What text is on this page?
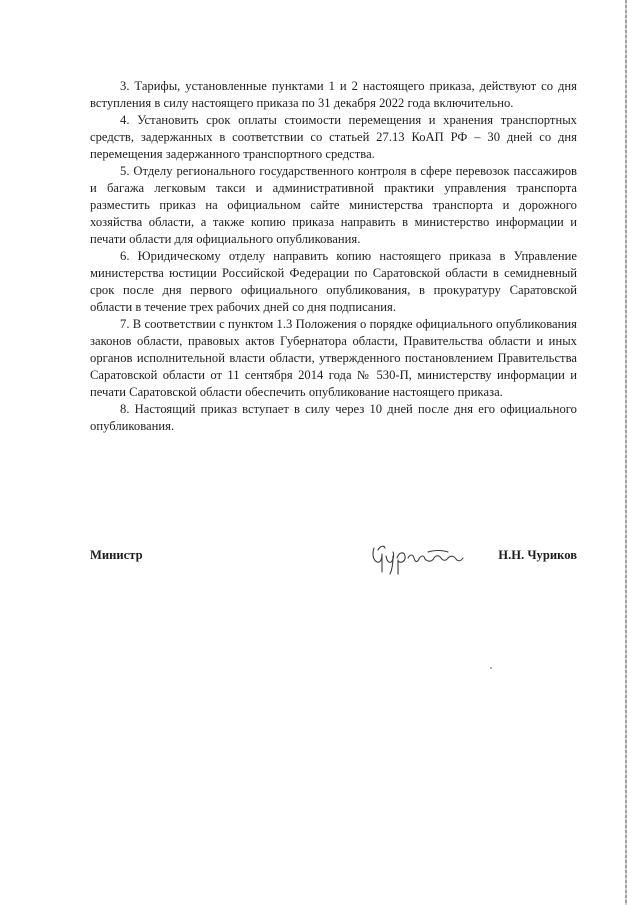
3. Тарифы, установленные пунктами 1 и 2 настоящего приказа, действуют со дня вступления в силу настоящего приказа по 31 декабря 2022 года включительно.

4. Установить срок оплаты стоимости перемещения и хранения транспортных средств, задержанных в соответствии со статьей 27.13 КоАП РФ – 30 дней со дня перемещения задержанного транспортного средства.

5. Отделу регионального государственного контроля в сфере перевозок пассажиров и багажа легковым такси и административной практики управления транспорта разместить приказ на официальном сайте министерства транспорта и дорожного хозяйства области, а также копию приказа направить в министерство информации и печати области для официального опубликования.

6. Юридическому отделу направить копию настоящего приказа в Управление министерства юстиции Российской Федерации по Саратовской области в семидневный срок после дня первого официального опубликования, в прокуратуру Саратовской области в течение трех рабочих дней со дня подписания.

7. В соответствии с пунктом 1.3 Положения о порядке официального опубликования законов области, правовых актов Губернатора области, Правительства области и иных органов исполнительной власти области, утвержденного постановлением Правительства Саратовской области от 11 сентября 2014 года № 530-П, министерству информации и печати Саратовской области обеспечить опубликование настоящего приказа.

8. Настоящий приказ вступает в силу через 10 дней после дня его официального опубликования.

Министр	Н.Н. Чуриков
